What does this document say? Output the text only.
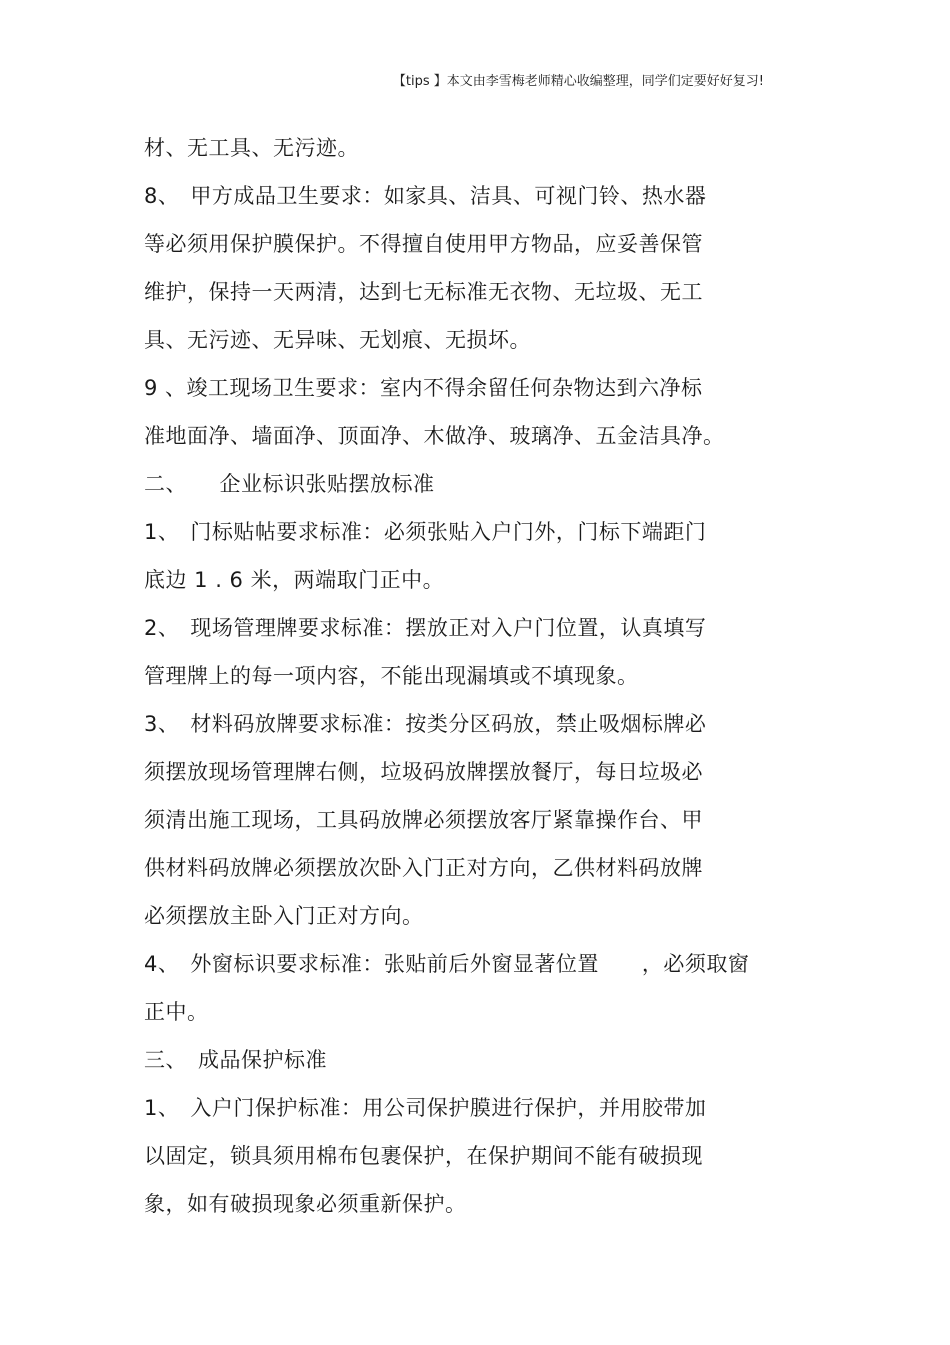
【tips 】本文由李雪梅老师精心收编整理，同学们定要好好复习!
材、无工具、无污迹。
8、　甲方成品卫生要求：如家具、洁具、可视门铃、热水器
等必须用保护膜保护。不得擅自使用甲方物品，应妥善保管
维护，保持一天两清，达到七无标准无衣物、无垃圾、无工
具、无污迹、无异味、无划痕、无损坏。
9 、竣工现场卫生要求：室内不得余留任何杂物达到六净标
准地面净、墙面净、顶面净、木做净、玻璃净、五金洁具净。
二、　　企业标识张贴摆放标准
1、　门标贴帖要求标准：必须张贴入户门外，门标下端距门
底边 1 . 6 米，两端取门正中。
2、　现场管理牌要求标准：摆放正对入户门位置，认真填写
管理牌上的每一项内容，不能出现漏填或不填现象。
3、　材料码放牌要求标准：按类分区码放，禁止吸烟标牌必
须摆放现场管理牌右侧，垃圾码放牌摆放餐厅，每日垃圾必
须清出施工现场，工具码放牌必须摆放客厅紧靠操作台、甲
供材料码放牌必须摆放次卧入门正对方向，乙供材料码放牌
必须摆放主卧入门正对方向。
4、　外窗标识要求标准：张贴前后外窗显著位置　　，必须取窗
正中。
三、　成品保护标准
1、　入户门保护标准：用公司保护膜进行保护，并用胶带加
以固定，锁具须用棉布包裹保护，在保护期间不能有破损现
象，如有破损现象必须重新保护。
